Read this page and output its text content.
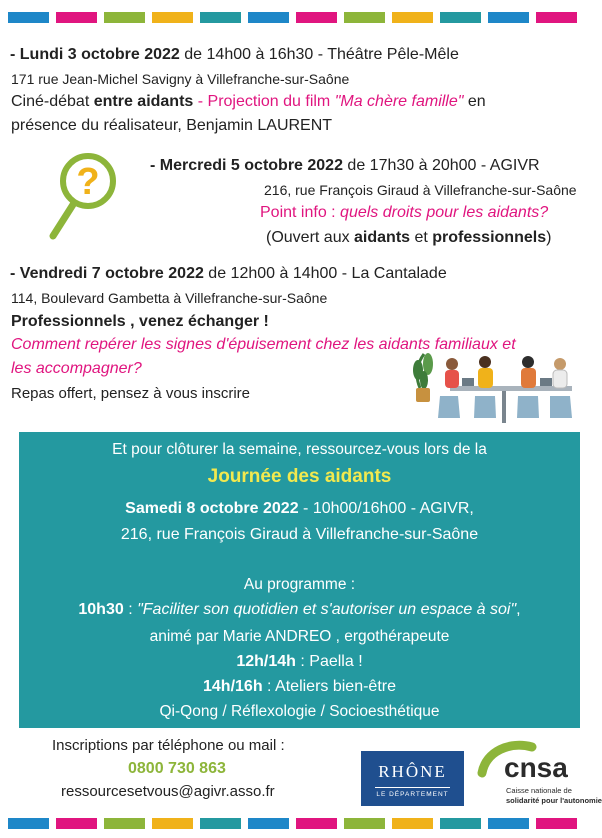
- Lundi 3 octobre 2022 de 14h00 à 16h30 - Théâtre Pêle-Mêle
171 rue Jean-Michel Savigny à Villefranche-sur-Saône
Ciné-débat entre aidants - Projection du film "Ma chère famille" en
présence du réalisateur, Benjamin LAURENT
?	- Mercredi 5 octobre 2022 de 17h30 à 20h00 - AGIVR
216, rue François Giraud à Villefranche-sur-Saône
Point info : quels droits pour les aidants?
(Ouvert aux aidants et professionnels)
- Vendredi 7 octobre 2022 de 12h00 à 14h00 - La Cantalade
114, Boulevard Gambetta à Villefranche-sur-Saône
Professionnels , venez échanger !
Comment repérer les signes d'épuisement chez les aidants familiaux et
les accompagner?
Repas offert, pensez à vous inscrire
Et pour clôturer la semaine, ressourcez-vous lors de la
Journée des aidants
Samedi 8 octobre 2022 - 10h00/16h00 - AGIVR,
216, rue François Giraud à Villefranche-sur-Saône
Au programme :
10h30 : "Faciliter son quotidien et s'autoriser un espace à soi",
animé par Marie ANDREO , ergothérapeute
12h/14h : Paella !
14h/16h : Ateliers bien-être
Qi-Qong / Réflexologie / Socioesthétique
Inscriptions par téléphone ou mail :
0800 730 863
ressourcesetvous@agivr.asso.fr
RHÔNE
LE DÉPARTEMENT
cnsa
Caisse nationale de
solidarité pour l'autonomie
